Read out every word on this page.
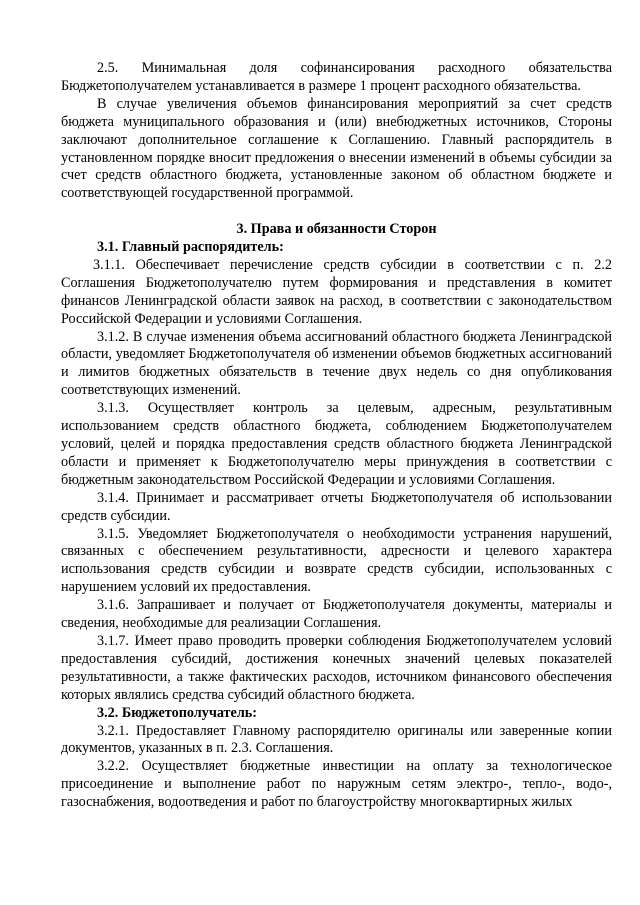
2.5. Минимальная доля софинансирования расходного обязательства Бюджетополучателем устанавливается в размере 1 процент расходного обязательства.

В случае увеличения объемов финансирования мероприятий за счет средств бюджета муниципального образования и (или) внебюджетных источников, Стороны заключают дополнительное соглашение к Соглашению. Главный распорядитель в установленном порядке вносит предложения о внесении изменений в объемы субсидии за счет средств областного бюджета, установленные законом об областном бюджете и соответствующей государственной программой.

3. Права и обязанности Сторон

3.1. Главный распорядитель:

3.1.1. Обеспечивает перечисление средств субсидии в соответствии с п. 2.2 Соглашения Бюджетополучателю путем формирования и представления в комитет финансов Ленинградской области заявок на расход, в соответствии с законодательством Российской Федерации и условиями Соглашения.

3.1.2. В случае изменения объема ассигнований областного бюджета Ленинградской области, уведомляет Бюджетополучателя об изменении объемов бюджетных ассигнований и лимитов бюджетных обязательств в течение двух недель со дня опубликования соответствующих изменений.

3.1.3. Осуществляет контроль за целевым, адресным, результативным использованием средств областного бюджета, соблюдением Бюджетополучателем условий, целей и порядка предоставления средств областного бюджета Ленинградской области и применяет к Бюджетополучателю меры принуждения в соответствии с бюджетным законодательством Российской Федерации и условиями Соглашения.

3.1.4. Принимает и рассматривает отчеты Бюджетополучателя об использовании средств субсидии.

3.1.5. Уведомляет Бюджетополучателя о необходимости устранения нарушений, связанных с обеспечением результативности, адресности и целевого характера использования средств субсидии и возврате средств субсидии, использованных с нарушением условий их предоставления.

3.1.6. Запрашивает и получает от Бюджетополучателя документы, материалы и сведения, необходимые для реализации Соглашения.

3.1.7. Имеет право проводить проверки соблюдения Бюджетополучателем условий предоставления субсидий, достижения конечных значений целевых показателей результативности, а также фактических расходов, источником финансового обеспечения которых являлись средства субсидий областного бюджета.

3.2. Бюджетополучатель:

3.2.1. Предоставляет Главному распорядителю оригиналы или заверенные копии документов, указанных в п. 2.3. Соглашения.

3.2.2. Осуществляет бюджетные инвестиции на оплату за технологическое присоединение и выполнение работ по наружным сетям электро-, тепло-, водо-, газоснабжения, водоотведения и работ по благоустройству многоквартирных жилых
